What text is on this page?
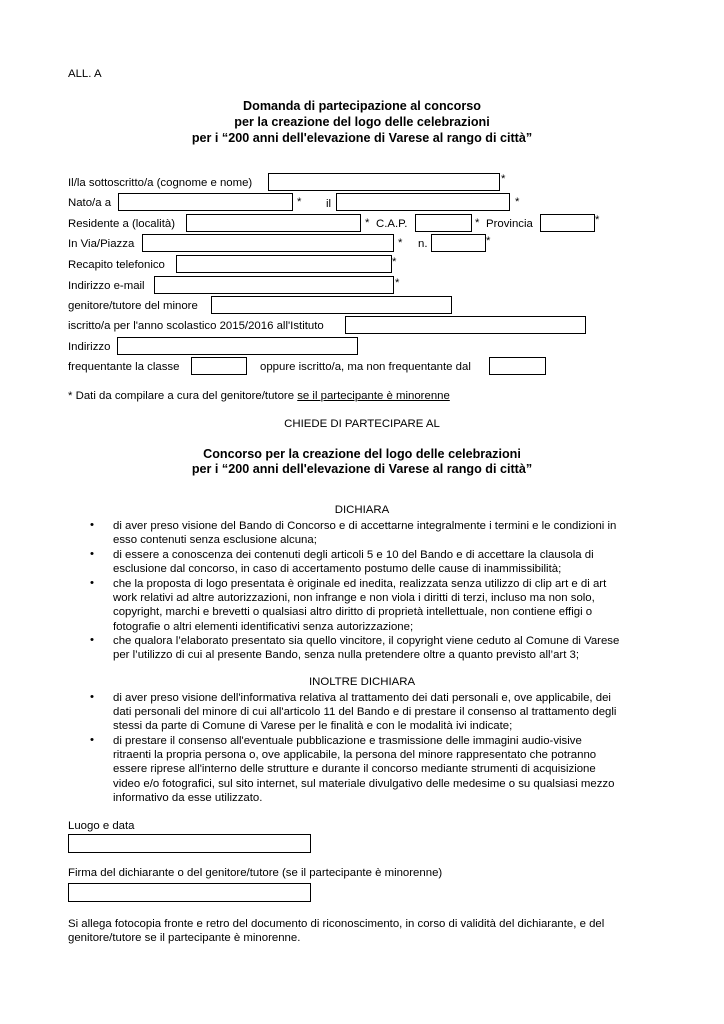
ALL. A
Domanda di partecipazione al concorso
per la creazione del logo delle celebrazioni
per i “200 anni dell'elevazione di Varese al rango di città”
Il/la sottoscritto/a (cognome e nome)	*
Nato/a a	* il	*
Residente a (località)	* C.A.P.	* Provincia	*
In Via/Piazza	* n.	*
Recapito telefonico	*
Indirizzo e-mail	*
genitore/tutore del minore
iscritto/a per l'anno scolastico 2015/2016 all'Istituto
Indirizzo
frequentante la classe	oppure iscritto/a, ma non frequentante dal
* Dati da compilare a cura del genitore/tutore se il partecipante è minorenne
CHIEDE DI PARTECIPARE AL
Concorso per la creazione del logo delle celebrazioni
per i “200 anni dell'elevazione di Varese al rango di città”
DICHIARA
• di aver preso visione del Bando di Concorso e di accettarne integralmente i termini e le condizioni in
esso contenuti senza esclusione alcuna;
• di essere a conoscenza dei contenuti degli articoli 5 e 10 del Bando e di accettare la clausola di
esclusione dal concorso, in caso di accertamento postumo delle cause di inammissibilità;
• che la proposta di logo presentata è originale ed inedita, realizzata senza utilizzo di clip art e di art
work relativi ad altre autorizzazioni, non infrange e non viola i diritti di terzi, incluso ma non solo,
copyright, marchi e brevetti o qualsiasi altro diritto di proprietà intellettuale, non contiene effigi o
fotografie o altri elementi identificativi senza autorizzazione;
• che qualora l’elaborato presentato sia quello vincitore, il copyright viene ceduto al Comune di Varese
per l’utilizzo di cui al presente Bando, senza nulla pretendere oltre a quanto previsto all’art 3;
INOLTRE DICHIARA
• di aver preso visione dell'informativa relativa al trattamento dei dati personali e, ove applicabile, dei
dati personali del minore di cui all'articolo 11 del Bando e di prestare il consenso al trattamento degli
stessi da parte di Comune di Varese per le finalità e con le modalità ivi indicate;
• di prestare il consenso all'eventuale pubblicazione e trasmissione delle immagini audio-visive
ritraenti la propria persona o, ove applicabile, la persona del minore rappresentato che potranno
essere riprese all'interno delle strutture e durante il concorso mediante strumenti di acquisizione
video e/o fotografici, sul sito internet, sul materiale divulgativo delle medesime o su qualsiasi mezzo
informativo da esse utilizzato.
Luogo e data
Firma del dichiarante o del genitore/tutore (se il partecipante è minorenne)
Si allega fotocopia fronte e retro del documento di riconoscimento, in corso di validità del dichiarante, e del
genitore/tutore se il partecipante è minorenne.
